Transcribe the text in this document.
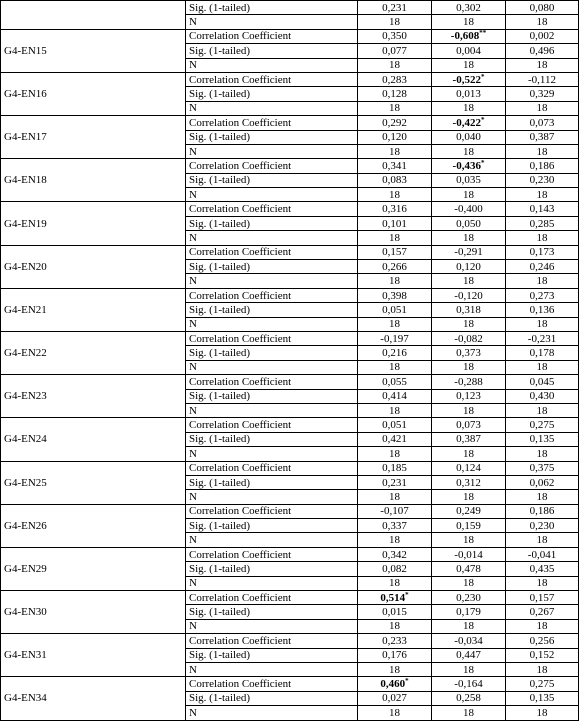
	Sig. (1-tailed)	0,231	0,302	0,080
	N	18	18	18
G4-EN15	Correlation Coefficient	0,350	-0,608**	0,002
	Sig. (1-tailed)	0,077	0,004	0,496
	N	18	18	18
G4-EN16	Correlation Coefficient	0,283	-0,522*	-0,112
	Sig. (1-tailed)	0,128	0,013	0,329
	N	18	18	18
G4-EN17	Correlation Coefficient	0,292	-0,422*	0,073
	Sig. (1-tailed)	0,120	0,040	0,387
	N	18	18	18
G4-EN18	Correlation Coefficient	0,341	-0,436*	0,186
	Sig. (1-tailed)	0,083	0,035	0,230
	N	18	18	18
G4-EN19	Correlation Coefficient	0,316	-0,400	0,143
	Sig. (1-tailed)	0,101	0,050	0,285
	N	18	18	18
G4-EN20	Correlation Coefficient	0,157	-0,291	0,173
	Sig. (1-tailed)	0,266	0,120	0,246
	N	18	18	18
G4-EN21	Correlation Coefficient	0,398	-0,120	0,273
	Sig. (1-tailed)	0,051	0,318	0,136
	N	18	18	18
G4-EN22	Correlation Coefficient	-0,197	-0,082	-0,231
	Sig. (1-tailed)	0,216	0,373	0,178
	N	18	18	18
G4-EN23	Correlation Coefficient	0,055	-0,288	0,045
	Sig. (1-tailed)	0,414	0,123	0,430
	N	18	18	18
G4-EN24	Correlation Coefficient	0,051	0,073	0,275
	Sig. (1-tailed)	0,421	0,387	0,135
	N	18	18	18
G4-EN25	Correlation Coefficient	0,185	0,124	0,375
	Sig. (1-tailed)	0,231	0,312	0,062
	N	18	18	18
G4-EN26	Correlation Coefficient	-0,107	0,249	0,186
	Sig. (1-tailed)	0,337	0,159	0,230
	N	18	18	18
G4-EN29	Correlation Coefficient	0,342	-0,014	-0,041
	Sig. (1-tailed)	0,082	0,478	0,435
	N	18	18	18
G4-EN30	Correlation Coefficient	0,514*	0,230	0,157
	Sig. (1-tailed)	0,015	0,179	0,267
	N	18	18	18
G4-EN31	Correlation Coefficient	0,233	-0,034	0,256
	Sig. (1-tailed)	0,176	0,447	0,152
	N	18	18	18
G4-EN34	Correlation Coefficient	0,460*	-0,164	0,275
	Sig. (1-tailed)	0,027	0,258	0,135
	N	18	18	18
